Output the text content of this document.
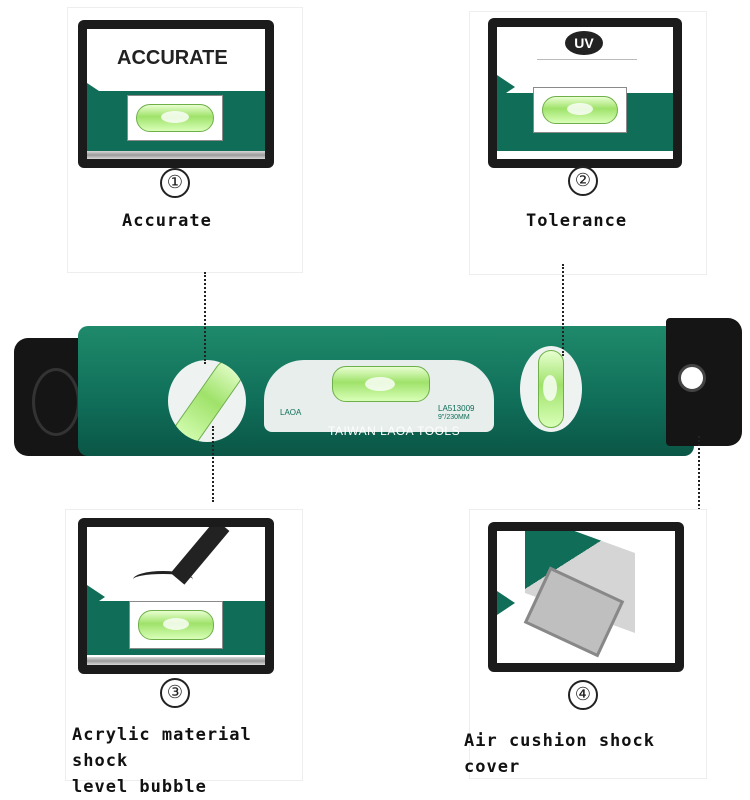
ACCURATE
①
Accurate
UV
②
Tolerance
LAOA	LA513009
9"/230MM
TAIWAN LAOA TOOLS
③
Acrylic material shock
level bubble
④
Air cushion shock cover
